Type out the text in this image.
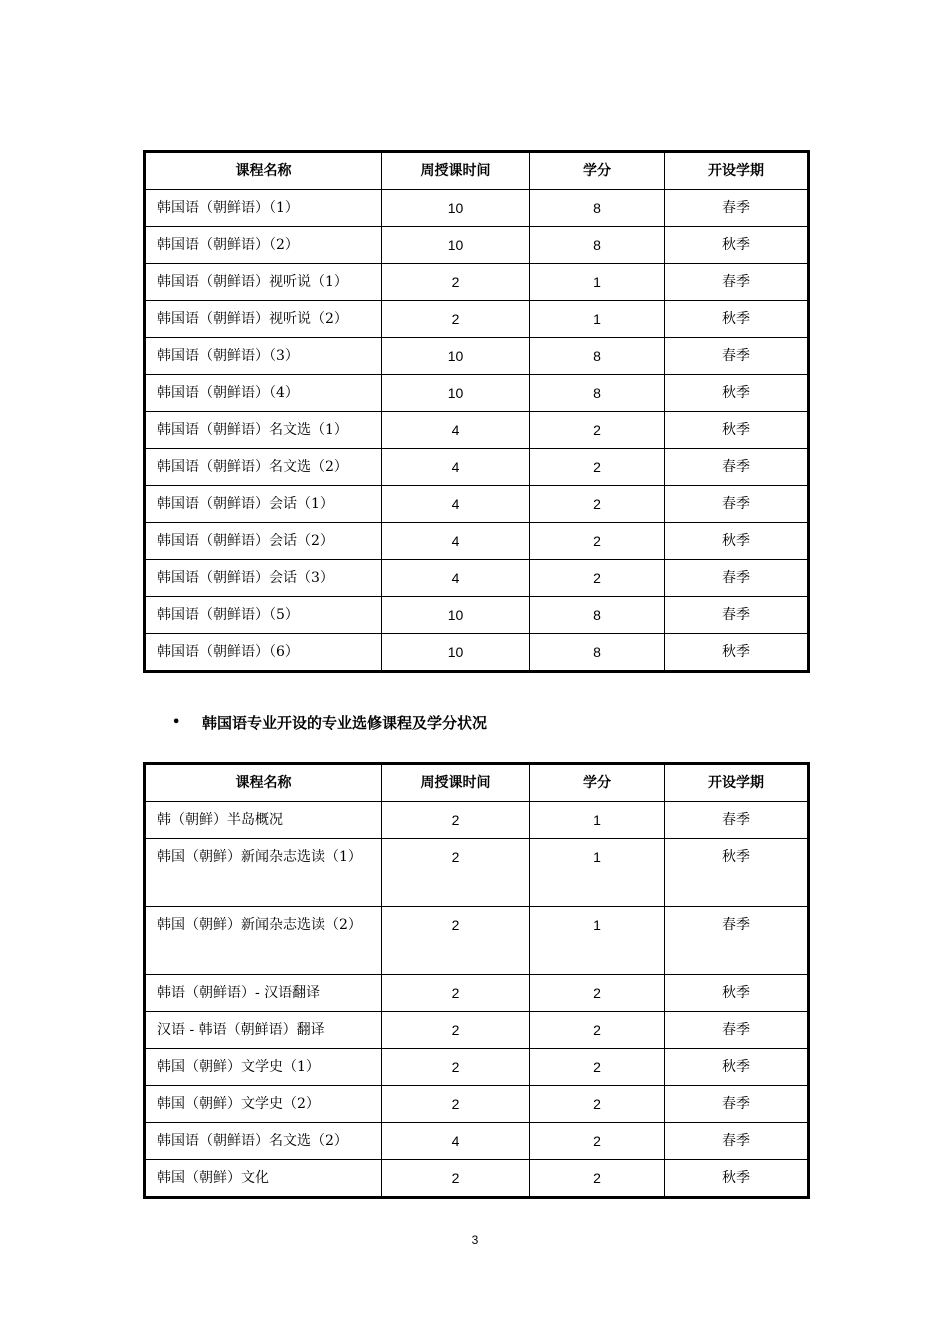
课程名称	周授课时间	学分	开设学期
韩国语（朝鲜语）（1）	10	8	春季
韩国语（朝鲜语）（2）	10	8	秋季
韩国语（朝鲜语）视听说（1）	2	1	春季
韩国语（朝鲜语）视听说（2）	2	1	秋季
韩国语（朝鲜语）（3）	10	8	春季
韩国语（朝鲜语）（4）	10	8	秋季
韩国语（朝鲜语）名文选（1）	4	2	秋季
韩国语（朝鲜语）名文选（2）	4	2	春季
韩国语（朝鲜语）会话（1）	4	2	春季
韩国语（朝鲜语）会话（2）	4	2	秋季
韩国语（朝鲜语）会话（3）	4	2	春季
韩国语（朝鲜语）（5）	10	8	春季
韩国语（朝鲜语）（6）	10	8	秋季
•	韩国语专业开设的专业选修课程及学分状况
课程名称	周授课时间	学分	开设学期
韩（朝鲜）半岛概况	2	1	春季
韩国（朝鲜）新闻杂志选读（1）	2	1	秋季
韩国（朝鲜）新闻杂志选读（2）	2	1	春季
韩语（朝鲜语）- 汉语翻译	2	2	秋季
汉语 - 韩语（朝鲜语）翻译	2	2	春季
韩国（朝鲜）文学史（1）	2	2	秋季
韩国（朝鲜）文学史（2）	2	2	春季
韩国语（朝鲜语）名文选（2）	4	2	春季
韩国（朝鲜）文化	2	2	秋季
3
